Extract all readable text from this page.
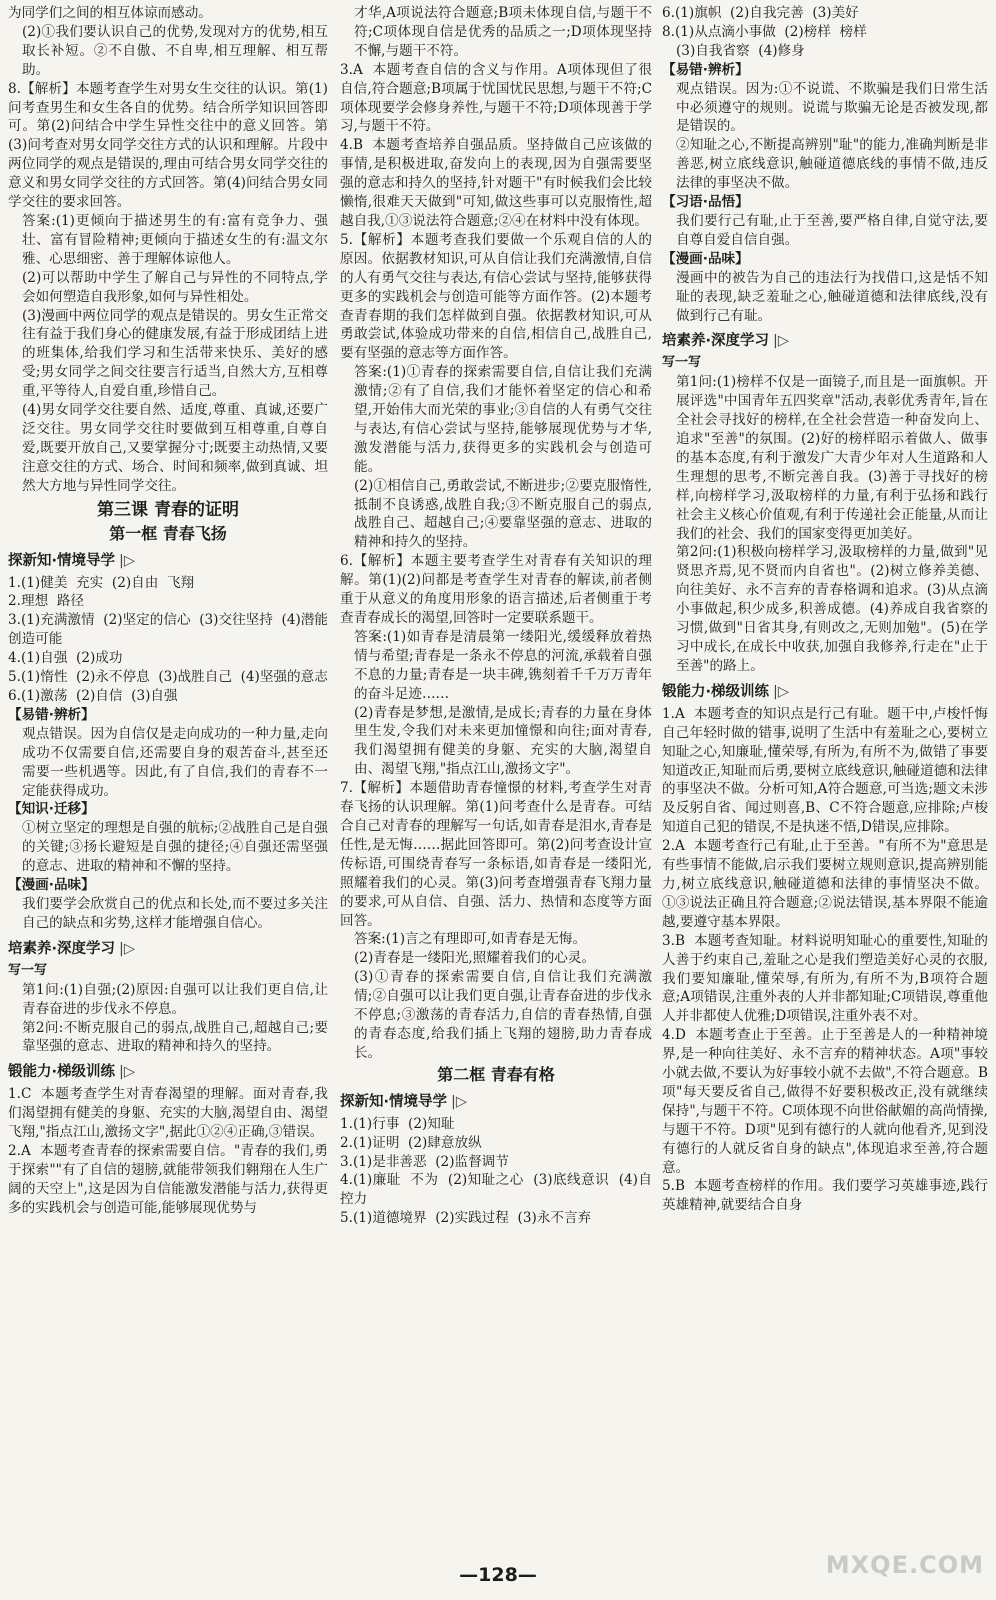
为同学们之间的相互体谅而感动。

(2)①我们要认识自己的优势,发现对方的优势,相互取长补短。②不自傲、不自卑,相互理解、相互帮助。

8.【解析】本题考查学生对男女生交往的认识。第(1)问考查男生和女生各自的优势。结合所学知识回答即可。第(2)问结合中学生异性交往中的意义回答。第(3)问考查对男女同学交往方式的认识和理解。片段中两位同学的观点是错误的,理由可结合男女同学交往的意义和男女同学交往的方式回答。第(4)问结合男女同学交往的要求回答。

答案:(1)更倾向于描述男生的有:富有竞争力、强壮、富有冒险精神;更倾向于描述女生的有:温文尔雅、心思细密、善于理解体谅他人。

(2)可以帮助中学生了解自己与异性的不同特点,学会如何塑造自我形象,如何与异性相处。

(3)漫画中两位同学的观点是错误的。男女生正常交往有益于我们身心的健康发展,有益于形成团结上进的班集体,给我们学习和生活带来快乐、美好的感受;男女同学之间交往要言行适当,自然大方,互相尊重,平等待人,自爱自重,珍惜自己。

(4)男女同学交往要自然、适度,尊重、真诚,还要广泛交往。男女同学交往时要做到互相尊重,自尊自爱,既要开放自己,又要掌握分寸;既要主动热情,又要注意交往的方式、场合、时间和频率,做到真诚、坦然大方地与异性同学交往。

第三课 青春的证明
第一框 青春飞扬
探新知·情境导学 |▷

1.(1)健美  充实  (2)自由  飞翔

2.理想  路径

3.(1)充满激情  (2)坚定的信心  (3)交往坚持  (4)潜能  创造可能

4.(1)自强  (2)成功

5.(1)惰性  (2)永不停息  (3)战胜自己  (4)坚强的意志

6.(1)激荡  (2)自信  (3)自强

【易错·辨析】

观点错误。因为自信仅是走向成功的一种力量,走向成功不仅需要自信,还需要自身的艰苦奋斗,甚至还需要一些机遇等。因此,有了自信,我们的青春不一定能获得成功。

【知识·迁移】

①树立坚定的理想是自强的航标;②战胜自己是自强的关键;③扬长避短是自强的捷径;④自强还需坚强的意志、进取的精神和不懈的坚持。

【漫画·品味】

我们要学会欣赏自己的优点和长处,而不要过多关注自己的缺点和劣势,这样才能增强自信心。

培素养·深度学习 |▷
写一写

第1问:(1)自强;(2)原因:自强可以让我们更自信,让青春奋进的步伐永不停息。

第2问:不断克服自己的弱点,战胜自己,超越自己;要靠坚强的意志、进取的精神和持久的坚持。

锻能力·梯级训练 |▷

1.C  本题考查学生对青春渴望的理解。面对青春,我们渴望拥有健美的身躯、充实的大脑,渴望自由、渴望飞翔,"指点江山,激扬文字",据此①②④正确,③错误。

2.A  本题考查青春的探索需要自信。"青春的我们,勇于探索""有了自信的翅膀,就能带领我们翱翔在人生广阔的天空上",这是因为自信能激发潜能与活力,获得更多的实践机会与创造可能,能够展现优势与

才华,A项说法符合题意;B项未体现自信,与题干不符;C项体现自信是优秀的品质之一;D项体现坚持不懈,与题干不符。

3.A  本题考查自信的含义与作用。A项体现但了很自信,符合题意;B项属于忧国忧民思想,与题干不符;C项体现要学会修身养性,与题干不符;D项体现善于学习,与题干不符。

4.B  本题考查培养自强品质。坚持做自己应该做的事情,是积极进取,奋发向上的表现,因为自强需要坚强的意志和持久的坚持,针对题干"有时候我们会比较懒惰,很难天天做到"可知,做这些事可以克服惰性,超越自我,①③说法符合题意;②④在材料中没有体现。

5.【解析】本题考查我们要做一个乐观自信的人的原因。依据教材知识,可从自信让我们充满激情,自信的人有勇气交往与表达,有信心尝试与坚持,能够获得更多的实践机会与创造可能等方面作答。(2)本题考查青春期的我们怎样做到自强。依据教材知识,可从勇敢尝试,体验成功带来的自信,相信自己,战胜自己,要有坚强的意志等方面作答。

答案:(1)①青春的探索需要自信,自信让我们充满激情;②有了自信,我们才能怀着坚定的信心和希望,开始伟大而光荣的事业;③自信的人有勇气交往与表达,有信心尝试与坚持,能够展现优势与才华,激发潜能与活力,获得更多的实践机会与创造可能。

(2)①相信自己,勇敢尝试,不断进步;②要克服惰性,抵制不良诱惑,战胜自我;③不断克服自己的弱点,战胜自己、超越自己;④要靠坚强的意志、进取的精神和持久的坚持。

6.【解析】本题主要考查学生对青春有关知识的理解。第(1)(2)问都是考查学生对青春的解读,前者侧重于从意义的角度用形象的语言描述,后者侧重于考查青春成长的渴望,回答时一定要联系题干。

答案:(1)如青春是清晨第一缕阳光,缓缓释放着热情与希望;青春是一条永不停息的河流,承载着自强不息的力量;青春是一块丰碑,镌刻着千千万万青年的奋斗足迹……

(2)青春是梦想,是激情,是成长;青春的力量在身体里生发,令我们对未来更加憧憬和向往;面对青春,我们渴望拥有健美的身躯、充实的大脑,渴望自由、渴望飞翔,"指点江山,激扬文字"。

7.【解析】本题借助青春憧憬的材料,考查学生对青春飞扬的认识理解。第(1)问考查什么是青春。可结合自己对青春的理解写一句话,如青春是泪水,青春是任性,是无悔……据此回答即可。第(2)问考查设计宣传标语,可围绕青春写一条标语,如青春是一缕阳光,照耀着我们的心灵。第(3)问考查增强青春飞翔力量的要求,可从自信、自强、活力、热情和态度等方面回答。

答案:(1)言之有理即可,如青春是无悔。

(2)青春是一缕阳光,照耀着我们的心灵。

(3)①青春的探索需要自信,自信让我们充满激情;②自强可以让我们更自强,让青春奋进的步伐永不停息;③激荡的青春活力,自信的青春热情,自强的青春态度,给我们插上飞翔的翅膀,助力青春成长。

第二框 青春有格
探新知·情境导学 |▷

1.(1)行事  (2)知耻

2.(1)证明  (2)肆意放纵

3.(1)是非善恶  (2)监督调节

4.(1)廉耻  不为  (2)知耻之心  (3)底线意识  (4)自控力

5.(1)道德境界  (2)实践过程  (3)永不言弃

6.(1)旗帜  (2)自我完善  (3)美好

8.(1)从点滴小事做  (2)榜样  榜样

(3)自我省察  (4)修身

【易错·辨析】

观点错误。因为:①不说谎、不欺骗是我们日常生活中必须遵守的规则。说谎与欺骗无论是否被发现,都是错误的。

②知耻之心,不断提高辨别"耻"的能力,准确判断是非善恶,树立底线意识,触碰道德底线的事情不做,违反法律的事坚决不做。

【习语·品悟】

我们要行己有耻,止于至善,要严格自律,自觉守法,要自尊自爱自信自强。

【漫画·品味】

漫画中的被告为自己的违法行为找借口,这是恬不知耻的表现,缺乏羞耻之心,触碰道德和法律底线,没有做到行己有耻。

培素养·深度学习 |▷
写一写

第1问:(1)榜样不仅是一面镜子,而且是一面旗帜。开展评选"中国青年五四奖章"活动,表彰优秀青年,旨在全社会寻找好的榜样,在全社会营造一种奋发向上、追求"至善"的氛围。(2)好的榜样昭示着做人、做事的基本态度,有利于激发广大青少年对人生道路和人生理想的思考,不断完善自我。(3)善于寻找好的榜样,向榜样学习,汲取榜样的力量,有利于弘扬和践行社会主义核心价值观,有利于传递社会正能量,从而让我们的社会、我们的国家变得更加美好。

第2问:(1)积极向榜样学习,汲取榜样的力量,做到"见贤思齐焉,见不贤而内自省也"。(2)树立修养美德、向往美好、永不言弃的青春格调和追求。(3)从点滴小事做起,积少成多,积善成德。(4)养成自我省察的习惯,做到"日省其身,有则改之,无则加勉"。(5)在学习中成长,在成长中收获,加强自我修养,行走在"止于至善"的路上。

锻能力·梯级训练 |▷

1.A  本题考查的知识点是行己有耻。题干中,卢梭忏悔自己年轻时做的错事,说明了生活中有羞耻之心,要树立知耻之心,知廉耻,懂荣辱,有所为,有所不为,做错了事要知道改正,知耻而后勇,要树立底线意识,触碰道德和法律的事坚决不做。分析可知,A符合题意,可当选;题文未涉及反躬自省、闻过则喜,B、C不符合题意,应排除;卢梭知道自己犯的错误,不是执迷不悟,D错误,应排除。

2.A  本题考查行己有耻,止于至善。"有所不为"意思是有些事情不能做,启示我们要树立规则意识,提高辨别能力,树立底线意识,触碰道德和法律的事情坚决不做。①③说法正确且符合题意;②说法错误,基本界限不能逾越,要遵守基本界限。

3.B  本题考查知耻。材料说明知耻心的重要性,知耻的人善于约束自己,羞耻之心是我们塑造美好心灵的衣服,我们要知廉耻,懂荣辱,有所为,有所不为,B项符合题意;A项错误,注重外表的人并非都知耻;C项错误,尊重他人并非都使人优雅;D项错误,注重外表不对。

4.D  本题考查止于至善。止于至善是人的一种精神境界,是一种向往美好、永不言弃的精神状态。A项"事较小就去做,不要认为好事较小就不去做",不符合题意。B项"每天要反省自己,做得不好要积极改正,没有就继续保持",与题干不符。C项体现不向世俗献媚的高尚情操,与题干不符。D项"见到有德行的人就向他看齐,见到没有德行的人就反省自身的缺点",体现追求至善,符合题意。

5.B  本题考查榜样的作用。我们要学习英雄事迹,践行英雄精神,就要结合自身

—128—	MXQE.COM
